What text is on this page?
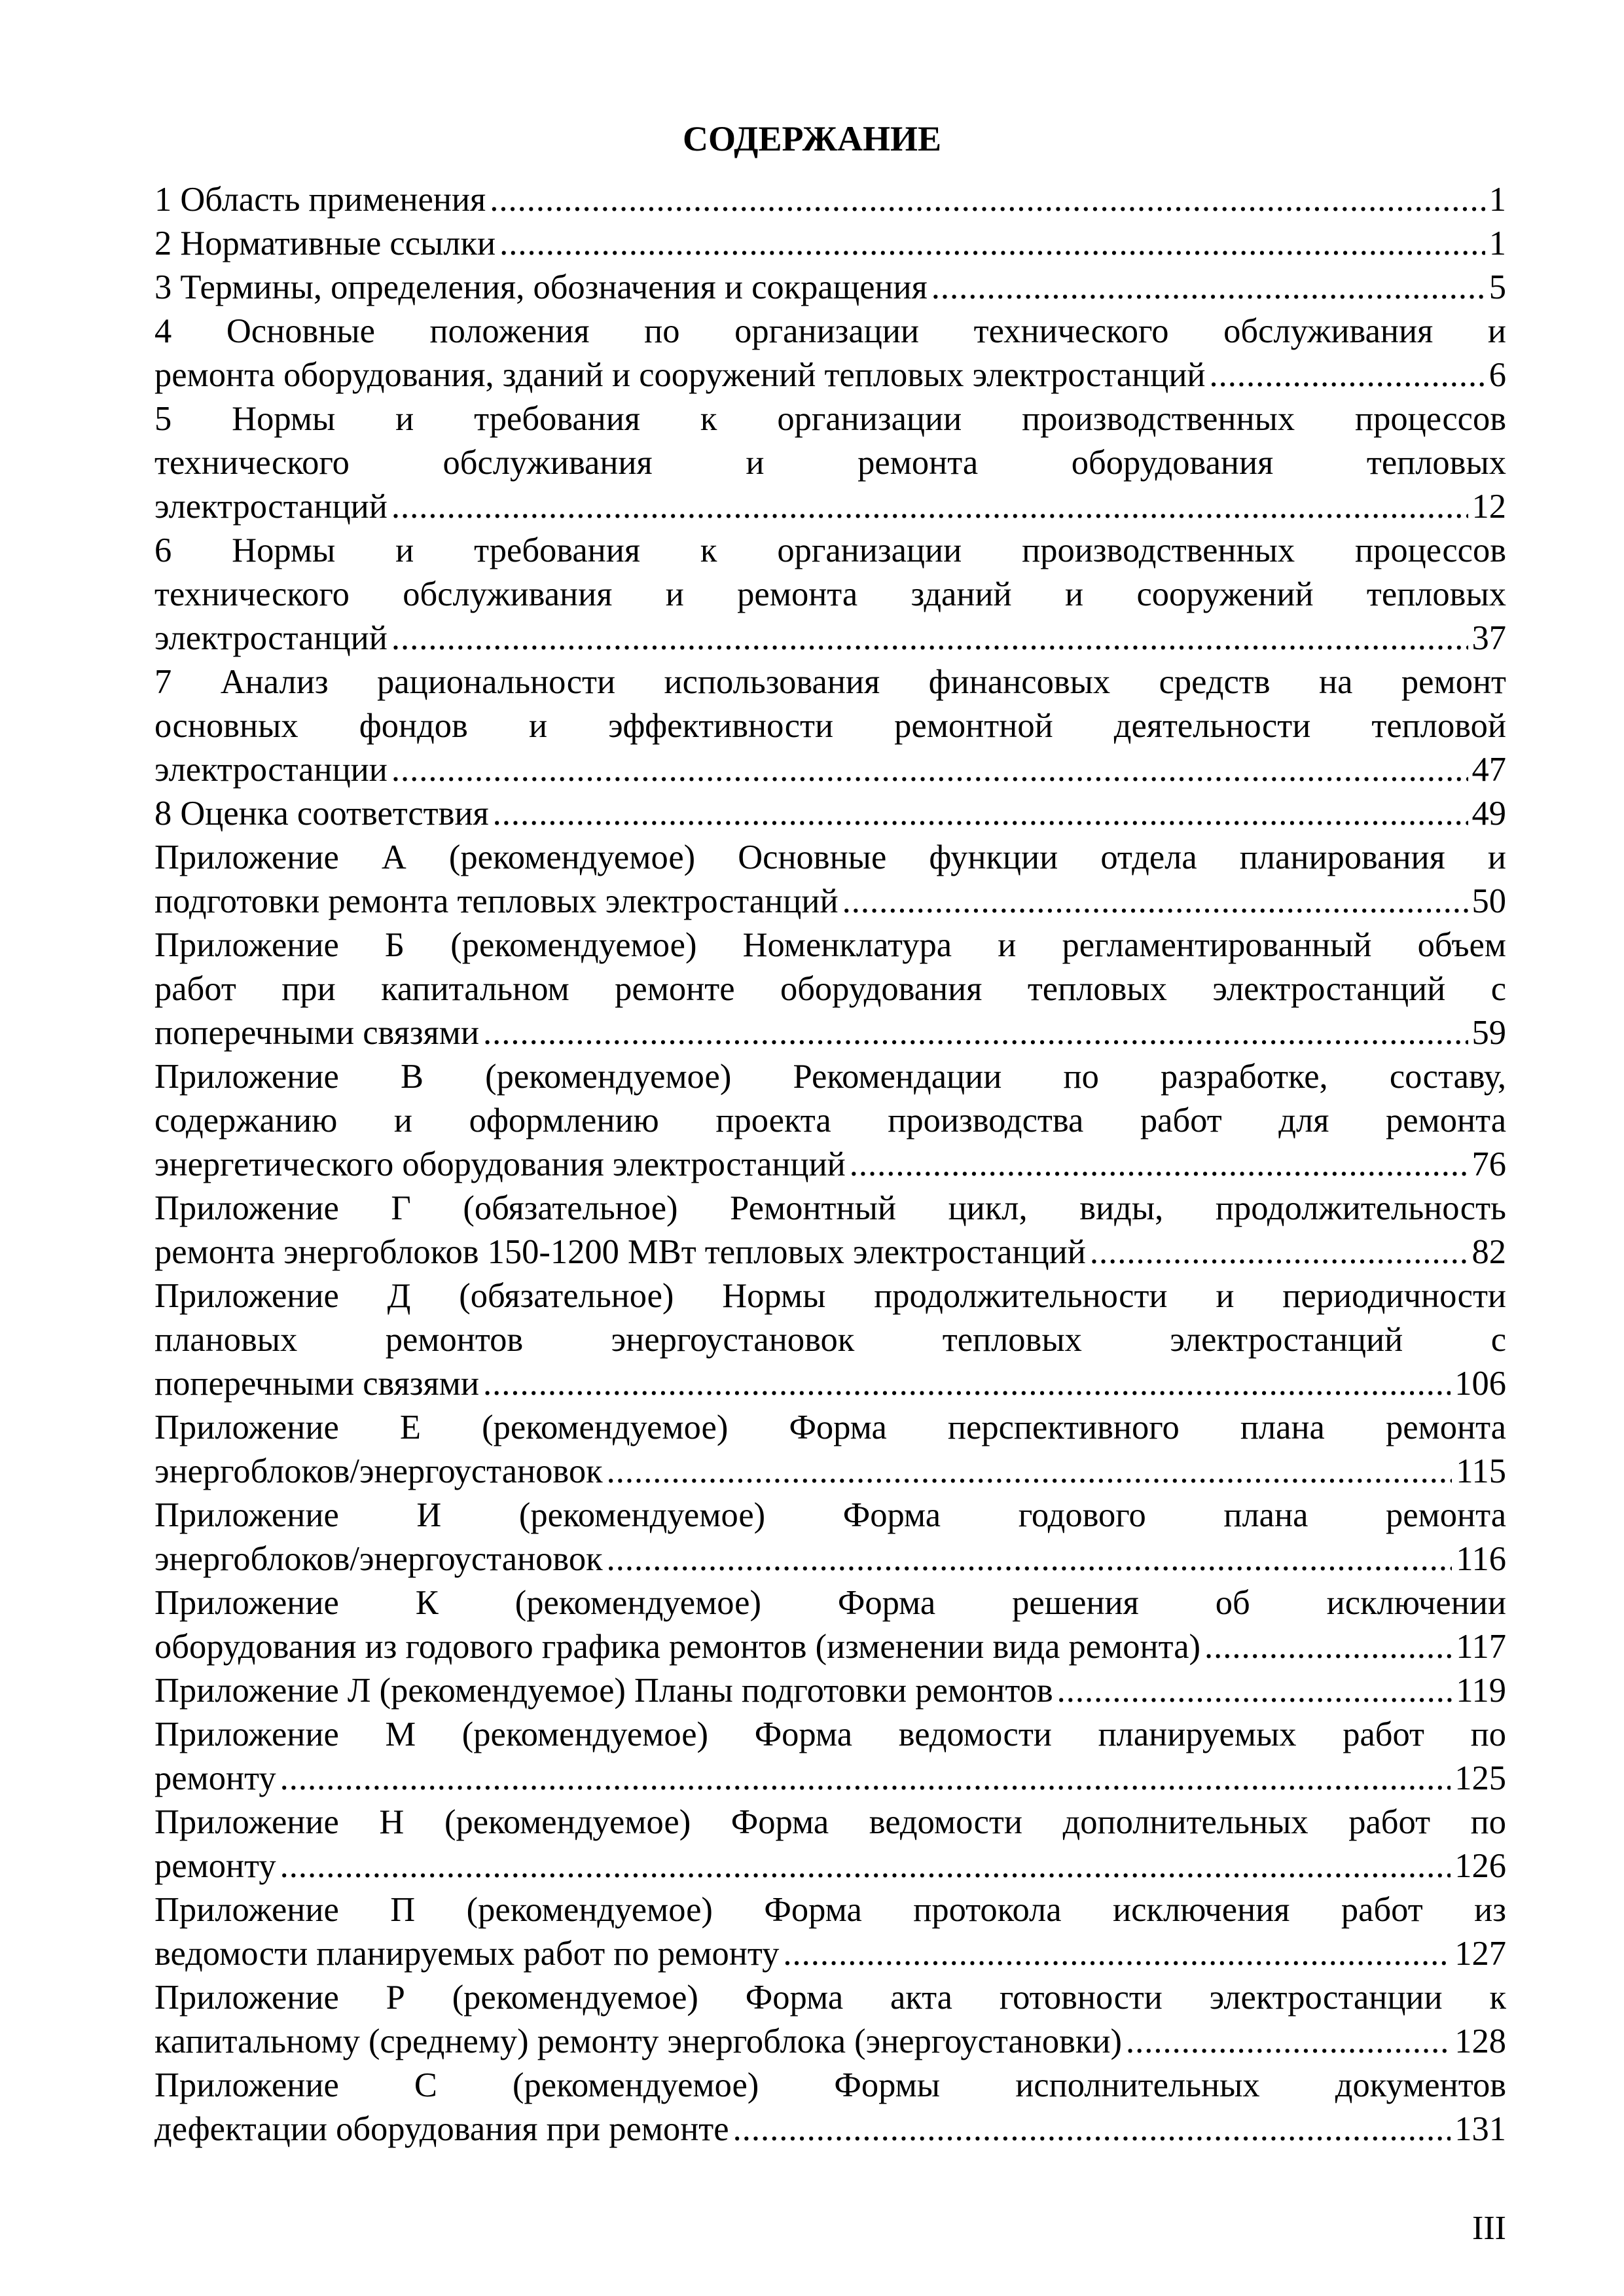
СОДЕРЖАНИЕ
1 Область применения .....	1
2 Нормативные ссылки .....	1
3 Термины, определения, обозначения и сокращения .....	5
4 Основные положения по организации технического обслуживания и
ремонта оборудования, зданий и сооружений тепловых электростанций .....	6
5 Нормы и требования к организации производственных процессов
технического обслуживания и ремонта оборудования тепловых
электростанций .....	12
6 Нормы и требования к организации производственных процессов
технического обслуживания и ремонта зданий и сооружений тепловых
электростанций .....	37
7 Анализ рациональности использования финансовых средств на ремонт
основных фондов и эффективности ремонтной деятельности тепловой
электростанции .....	47
8 Оценка соответствия .....	49
Приложение А (рекомендуемое) Основные функции отдела планирования и
подготовки ремонта тепловых электростанций .....	50
Приложение Б (рекомендуемое) Номенклатура и регламентированный объем
работ при капитальном ремонте оборудования тепловых электростанций с
поперечными связями .....	59
Приложение В (рекомендуемое) Рекомендации по разработке, составу,
содержанию и оформлению проекта производства работ для ремонта
энергетического оборудования электростанций .....	76
Приложение Г (обязательное) Ремонтный цикл, виды, продолжительность
ремонта энергоблоков 150-1200 МВт тепловых электростанций .....	82
Приложение Д (обязательное) Нормы продолжительности и периодичности
плановых ремонтов энергоустановок тепловых электростанций с
поперечными связями .....	106
Приложение Е (рекомендуемое) Форма перспективного плана ремонта
энергоблоков/энергоустановок .....	115
Приложение И (рекомендуемое) Форма годового плана ремонта
энергоблоков/энергоустановок .....	116
Приложение К (рекомендуемое) Форма решения об исключении
оборудования из годового графика ремонтов (изменении вида ремонта) .....	117
Приложение Л (рекомендуемое) Планы подготовки ремонтов .....	119
Приложение М (рекомендуемое) Форма ведомости планируемых работ по
ремонту .....	125
Приложение Н (рекомендуемое) Форма ведомости дополнительных работ по
ремонту .....	126
Приложение П (рекомендуемое) Форма протокола исключения работ из
ведомости планируемых работ по ремонту .....	127
Приложение Р (рекомендуемое) Форма акта готовности электростанции к
капитальному (среднему) ремонту энергоблока (энергоустановки) .....	128
Приложение С (рекомендуемое) Формы исполнительных документов
дефектации оборудования при ремонте .....	131
III
